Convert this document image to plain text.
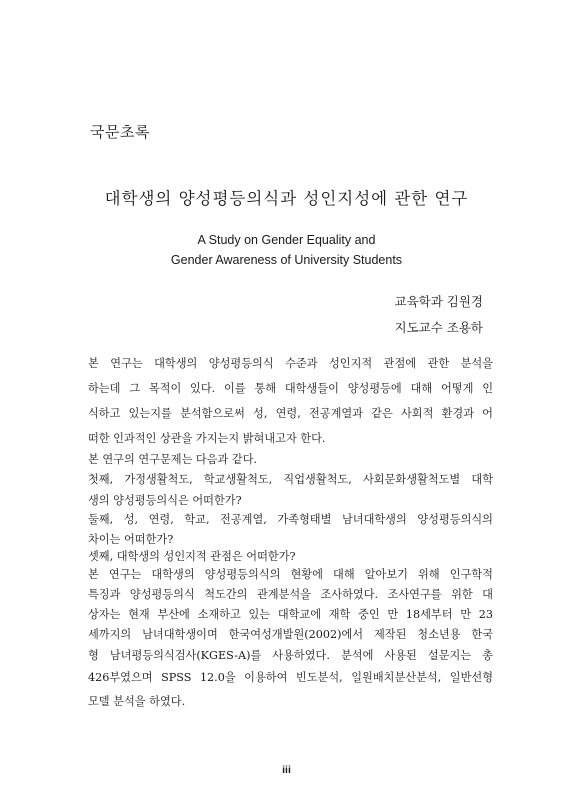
국문초록
대학생의 양성평등의식과 성인지성에 관한 연구
A Study on Gender Equality and
Gender Awareness of University Students
교육학과 김원경
지도교수 조용하
본 연구는 대학생의 양성평등의식 수준과 성인지적 관점에 관한 분석을
하는데 그 목적이 있다. 이를 통해 대학생들이 양성평등에 대해 어떻게 인
식하고 있는지를 분석함으로써 성, 연령, 전공계열과 같은 사회적 환경과 어
떠한 인과적인 상관을 가지는지 밝혀내고자 한다.
본 연구의 연구문제는 다음과 같다.
첫째, 가정생활척도, 학교생활척도, 직업생활척도, 사회문화생활척도별 대학
생의 양성평등의식은 어떠한가?
둘째, 성, 연령, 학교, 전공계열, 가족형태별 남녀대학생의 양성평등의식의
차이는 어떠한가?
셋째, 대학생의 성인지적 관점은 어떠한가?
본 연구는 대학생의 양성평등의식의 현황에 대해 알아보기 위해 인구학적
특징과 양성평등의식 척도간의 관계분석을 조사하였다. 조사연구를 위한 대
상자는 현재 부산에 소재하고 있는 대학교에 재학 중인 만 18세부터 만 23
세까지의 남녀대학생이며 한국여성개발원(2002)에서 제작된 청소년용 한국
형 남녀평등의식검사(KGES-A)를 사용하였다. 분석에 사용된 설문지는 총
426부였으며 SPSS 12.0을 이용하여 빈도분석, 일원배치분산분석, 일반선형
모델 분석을 하였다.
iii
